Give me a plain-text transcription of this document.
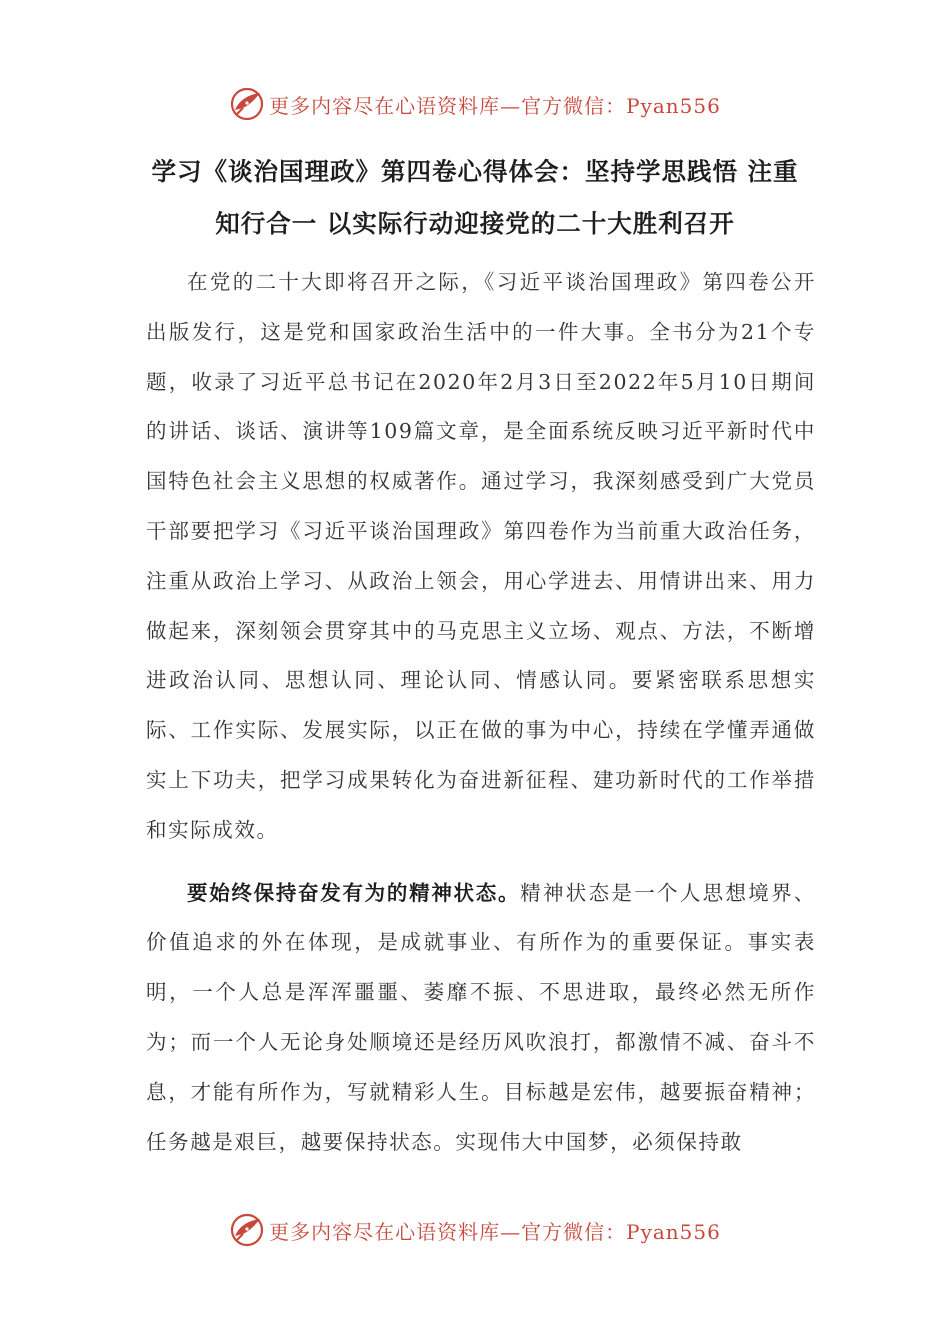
更多内容尽在心语资料库—官方微信：Pyan556
学习《谈治国理政》第四卷心得体会：坚持学思践悟 注重
知行合一 以实际行动迎接党的二十大胜利召开

在党的二十大即将召开之际，《习近平谈治国理政》第四卷公开出版发行，这是党和国家政治生活中的一件大事。全书分为21个专题，收录了习近平总书记在2020年2月3日至2022年5月10日期间的讲话、谈话、演讲等109篇文章，是全面系统反映习近平新时代中国特色社会主义思想的权威著作。通过学习，我深刻感受到广大党员干部要把学习《习近平谈治国理政》第四卷作为当前重大政治任务，注重从政治上学习、从政治上领会，用心学进去、用情讲出来、用力做起来，深刻领会贯穿其中的马克思主义立场、观点、方法，不断增进政治认同、思想认同、理论认同、情感认同。要紧密联系思想实际、工作实际、发展实际，以正在做的事为中心，持续在学懂弄通做实上下功夫，把学习成果转化为奋进新征程、建功新时代的工作举措和实际成效。

要始终保持奋发有为的精神状态。精神状态是一个人思想境界、价值追求的外在体现，是成就事业、有所作为的重要保证。事实表明，一个人总是浑浑噩噩、萎靡不振、不思进取，最终必然无所作为；而一个人无论身处顺境还是经历风吹浪打，都激情不减、奋斗不息，才能有所作为，写就精彩人生。目标越是宏伟，越要振奋精神；任务越是艰巨，越要保持状态。实现伟大中国梦，必须保持敢

更多内容尽在心语资料库—官方微信：Pyan556
